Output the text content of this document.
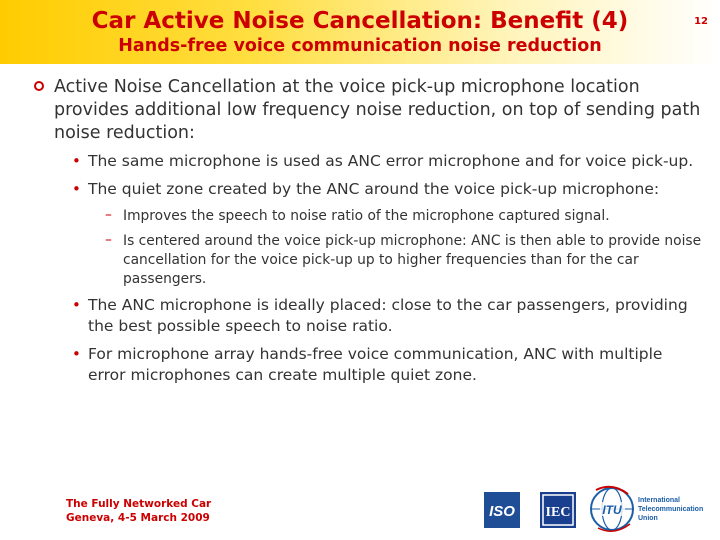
Car Active Noise Cancellation: Benefit (4)
Hands-free voice communication noise reduction
12
Active Noise Cancellation at the voice pick-up microphone location provides additional low frequency noise reduction, on top of sending path noise reduction:
• The same microphone is used as ANC error microphone and for voice pick-up.
• The quiet zone created by the ANC around the voice pick-up microphone:
– Improves the speech to noise ratio of the microphone captured signal.
– Is centered around the voice pick-up microphone: ANC is then able to provide noise cancellation for the voice pick-up up to higher frequencies than for the car passengers.
• The ANC microphone is ideally placed: close to the car passengers, providing the best possible speech to noise ratio.
• For microphone array hands-free voice communication, ANC with multiple error microphones can create multiple quiet zone.
The Fully Networked Car
Geneva, 4-5 March 2009	ISO IEC	ITU
International
Telecommunication
Union
